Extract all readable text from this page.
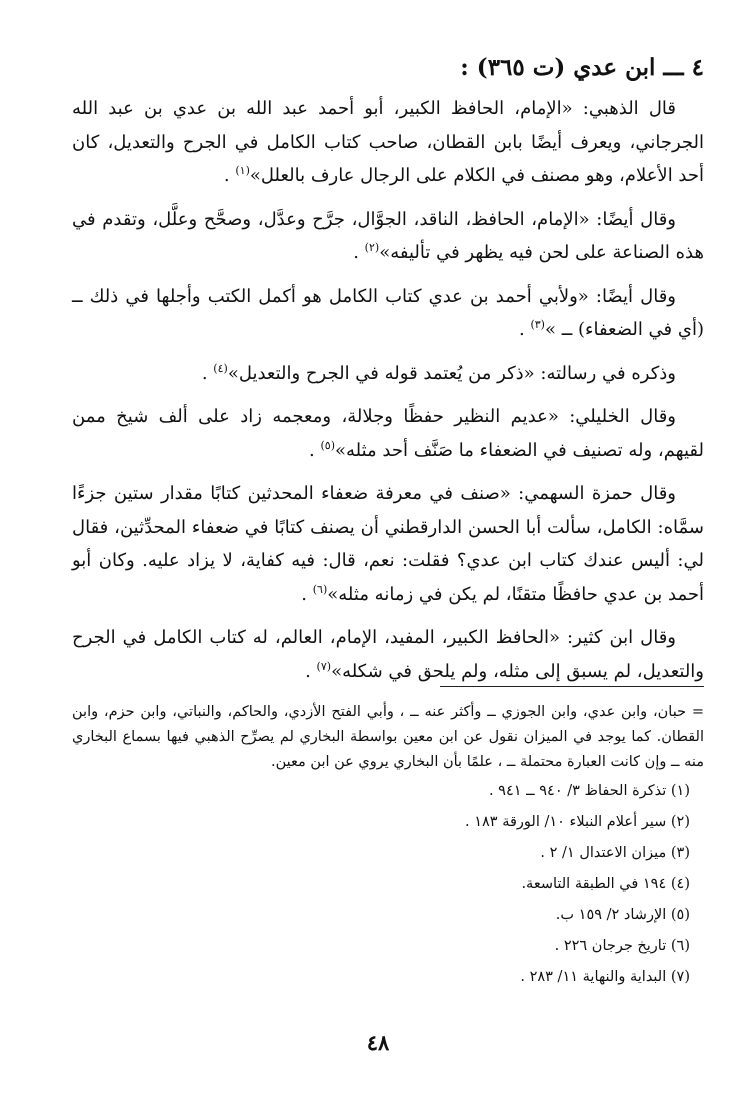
٤ ـــ ابن عدي (ت ٣٦٥) :

قال الذهبي: «الإمام، الحافظ الكبير، أبو أحمد عبد الله بن عدي بن عبد الله الجرجاني، ويعرف أيضًا بابن القطان، صاحب كتاب الكامل في الجرح والتعديل، كان أحد الأعلام، وهو مصنف في الكلام على الرجال عارف بالعلل»$^{(١)}$ .

وقال أيضًا: «الإمام، الحافظ، الناقد، الجوَّال، جرَّح وعدَّل، وصحَّح وعلَّل، وتقدم في هذه الصناعة على لحن فيه يظهر في تأليفه»$^{(٢)}$ .

وقال أيضًا: «ولأبي أحمد بن عدي كتاب الكامل هو أكمل الكتب وأجلها في ذلك ــ (أي في الضعفاء) ــ »$^{(٣)}$ .

وذكره في رسالته: «ذكر من يُعتمد قوله في الجرح والتعديل»$^{(٤)}$ .

وقال الخليلي: «عديم النظير حفظًا وجلالة، ومعجمه زاد على ألف شيخ ممن لقيهم، وله تصنيف في الضعفاء ما صَنَّف أحد مثله»$^{(٥)}$ .

وقال حمزة السهمي: «صنف في معرفة ضعفاء المحدثين كتابًا مقدار ستين جزءًا سمَّاه: الكامل، سألت أبا الحسن الدارقطني أن يصنف كتابًا في ضعفاء المحدِّثين، فقال لي: أليس عندك كتاب ابن عدي؟ فقلت: نعم، قال: فيه كفاية، لا يزاد عليه. وكان أبو أحمد بن عدي حافظًا متقنًا، لم يكن في زمانه مثله»$^{(٦)}$ .

وقال ابن كثير: «الحافظ الكبير، المفيد، الإمام، العالم، له كتاب الكامل في الجرح والتعديل، لم يسبق إلى مثله، ولم يلحق في شكله»$^{(٧)}$ .

= حبان، وابن عدي، وابن الجوزي ــ وأكثر عنه ــ ، وأبي الفتح الأزدي، والحاكم، والنباتي، وابن حزم، وابن القطان. كما يوجد في الميزان نقول عن ابن معين بواسطة البخاري لم يصرِّح الذهبي فيها بسماع البخاري منه ــ وإن كانت العبارة محتملة ــ ، علمًا بأن البخاري يروي عن ابن معين.

(١) تذكرة الحفاظ ٣/ ٩٤٠ ــ ٩٤١ .
(٢) سير أعلام النبلاء ١٠/ الورقة ١٨٣ .
(٣) ميزان الاعتدال ١/ ٢ .
(٤) ١٩٤ في الطبقة التاسعة.
(٥) الإرشاد ٢/ ١٥٩ ب.
(٦) تاريخ جرجان ٢٢٦ .
(٧) البداية والنهاية ١١/ ٢٨٣ .
٤٨
